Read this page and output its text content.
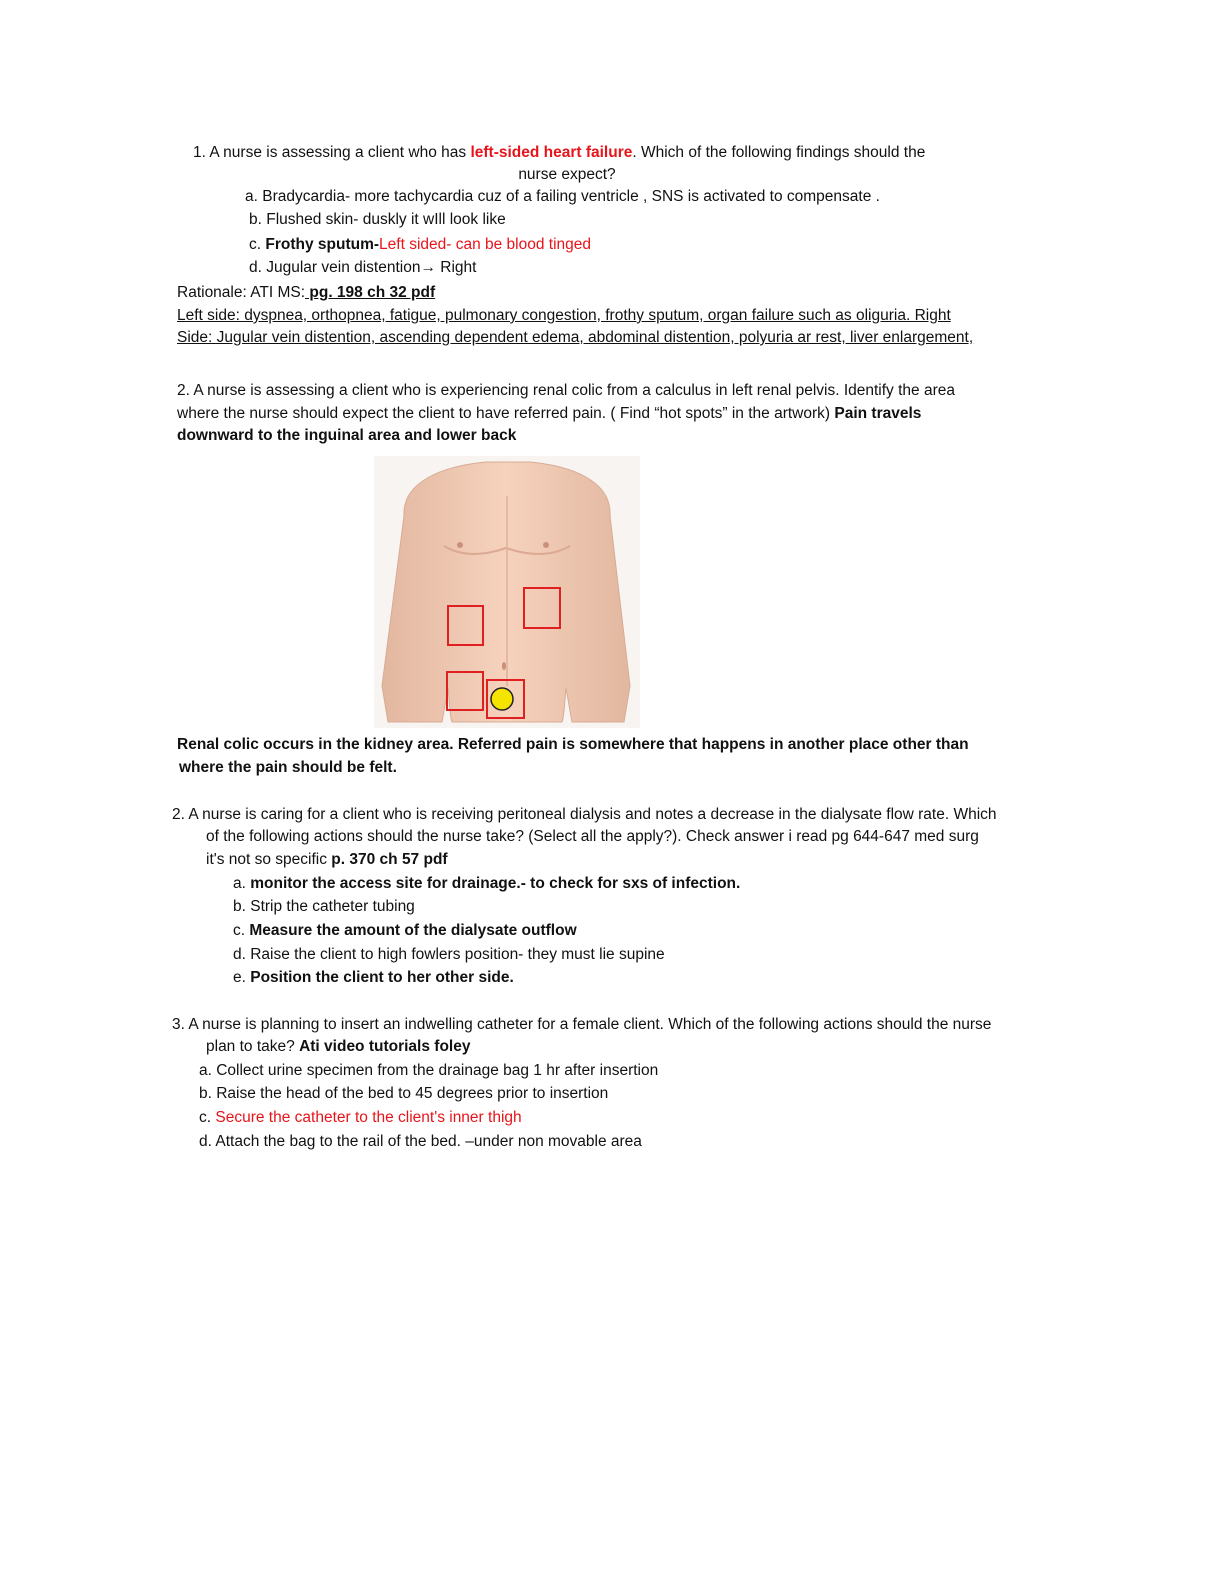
1. A nurse is assessing a client who has left-sided heart failure. Which of the following findings should the
nurse expect?
a. Bradycardia- more tachycardia cuz of a failing ventricle , SNS is activated to compensate .
b. Flushed skin- duskly it wIll look like
c. Frothy sputum-Left sided- can be blood tinged
d. Jugular vein distention→ Right
Rationale: ATI MS: pg. 198 ch 32 pdf
Left side: dyspnea, orthopnea, fatigue, pulmonary congestion, frothy sputum, organ failure such as oliguria. Right
Side: Jugular vein distention, ascending dependent edema, abdominal distention, polyuria ar rest, liver enlargement,
2. A nurse is assessing a client who is experiencing renal colic from a calculus in left renal pelvis. Identify the area
where the nurse should expect the client to have referred pain. ( Find “hot spots” in the artwork) Pain travels
downward to the inguinal area and lower back
Renal colic occurs in the kidney area. Referred pain is somewhere that happens in another place other than
where the pain should be felt.
2. A nurse is caring for a client who is receiving peritoneal dialysis and notes a decrease in the dialysate flow rate. Which
of the following actions should the nurse take? (Select all the apply?). Check answer i read pg 644-647 med surg
it's not so specific p. 370 ch 57 pdf
a. monitor the access site for drainage.- to check for sxs of infection.
b. Strip the catheter tubing
c. Measure the amount of the dialysate outflow
d. Raise the client to high fowlers position- they must lie supine
e. Position the client to her other side.
3. A nurse is planning to insert an indwelling catheter for a female client. Which of the following actions should the nurse
plan to take? Ati video tutorials foley
a. Collect urine specimen from the drainage bag 1 hr after insertion
b. Raise the head of the bed to 45 degrees prior to insertion
c. Secure the catheter to the client's inner thigh
d. Attach the bag to the rail of the bed. –under non movable area
